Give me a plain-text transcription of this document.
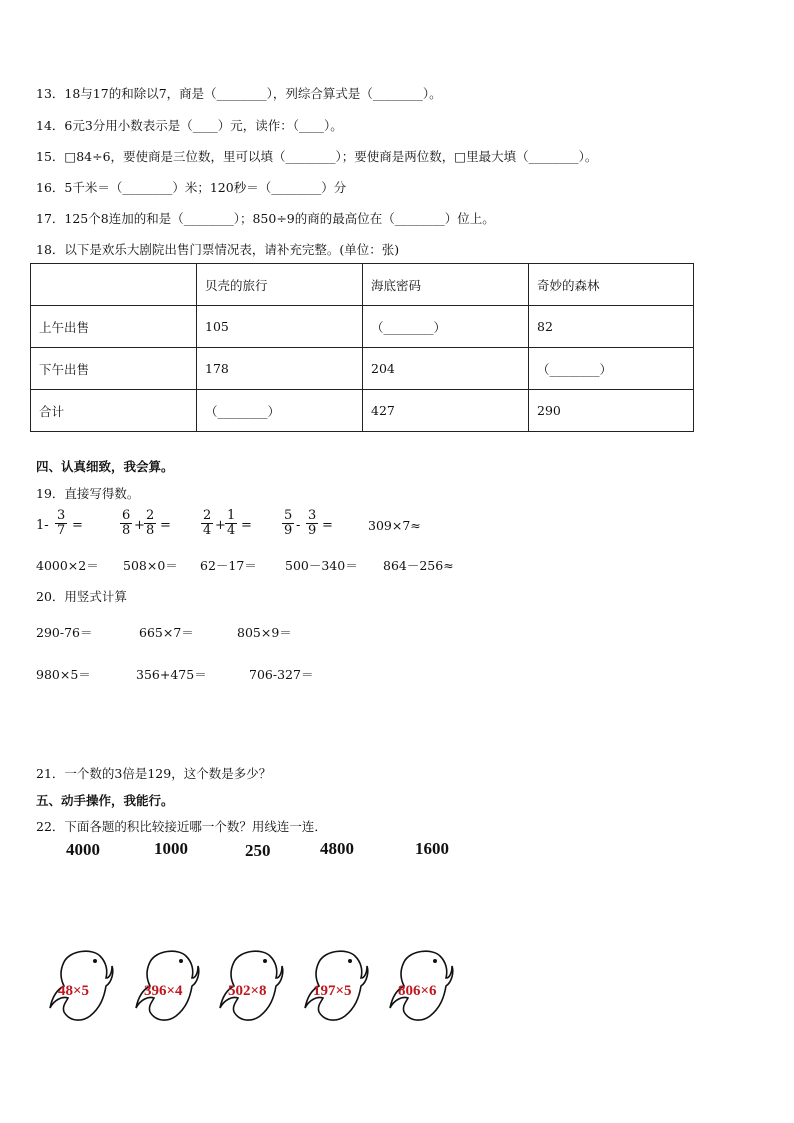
13．18与17的和除以7，商是（________），列综合算式是（________）。
14．6元3分用小数表示是（____）元，读作：（____）。
15．□84÷6，要使商是三位数，里可以填（________）；要使商是两位数，□里最大填（________）。
16．5千米＝（________）米；120秒＝（________）分
17．125个8连加的和是（________）；850÷9的商的最高位在（________）位上。
18．以下是欢乐大剧院出售门票情况表，请补充完整。(单位：张)
	贝壳的旅行	海底密码	奇妙的森林
上午出售	105	（________）	82
下午出售	178	204	（________）
合计	（________）	427	290
四、认真细致，我会算。
19．直接写得数。
$1- \frac{3}{7}$ =	$\frac{6}{8} + \frac{2}{8} = \frac{2}{4} + \frac{1}{4} = \frac{5}{9} - \frac{3}{9}$ =	309×7≈
4000×2＝ 508×0＝ 62－17＝ 500－340＝ 864－256≈
20．用竖式计算
290-76＝	665×7＝	805×9＝
980×5＝	356+475＝	706-327＝
21．一个数的3倍是129，这个数是多少？
五、动手操作，我能行。
22．下面各题的积比较接近哪一个数？用线连一连．
4000	1000	250	4800	1600
48×5	396×4	502×8	197×5	806×6
